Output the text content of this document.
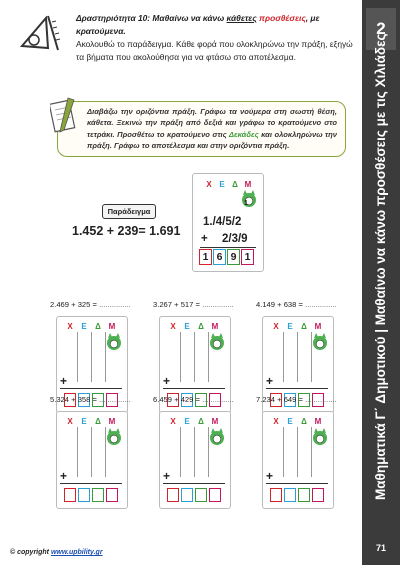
2
Μαθηματικά Γ΄ Δημοτικού | Μαθαίνω να κάνω προσθέσεις με τις Χιλιάδες
71
Δραστηριότητα 10: Μαθαίνω να κάνω κάθετες προσθέσεις, με κρατούμενα.
Ακολουθώ το παράδειγμα. Κάθε φορά που ολοκληρώνω την πράξη, εξηγώ τα βήματα που ακολούθησα για να φτάσω στο αποτέλεσμα.
Διαβάζω την οριζόντια πράξη. Γράφω τα νούμερα στη σωστή θέση, κάθετα. Ξεκινώ την πράξη από δεξιά και γράφω το κρατούμενο στο τετράκι. Προσθέτω το κρατούμενο στις Δεκάδες και ολοκληρώνω την πράξη. Γράφω το αποτέλεσμα και στην οριζόντια πράξη.
Παράδειγμα
1.452 + 239= 1.691
Χ Ε Δ Μ
1
1./4/5/2
+ 2/3/9
1 6 9 1
2.469 + 325 = ...............
Χ	Ε	Δ Μ
+
3.267 + 517 = ...............
Χ	Ε	Δ Μ
+
4.149 + 638 = ...............
Χ	Ε	Δ Μ
+
5.324 + 358 = ...............
Χ	Ε	Δ Μ
+
6.459 + 429 = ...............
Χ	Ε	Δ Μ
+
7.234 + 649 = ...............
Χ	Ε	Δ Μ
+
© copyright www.upbility.gr
